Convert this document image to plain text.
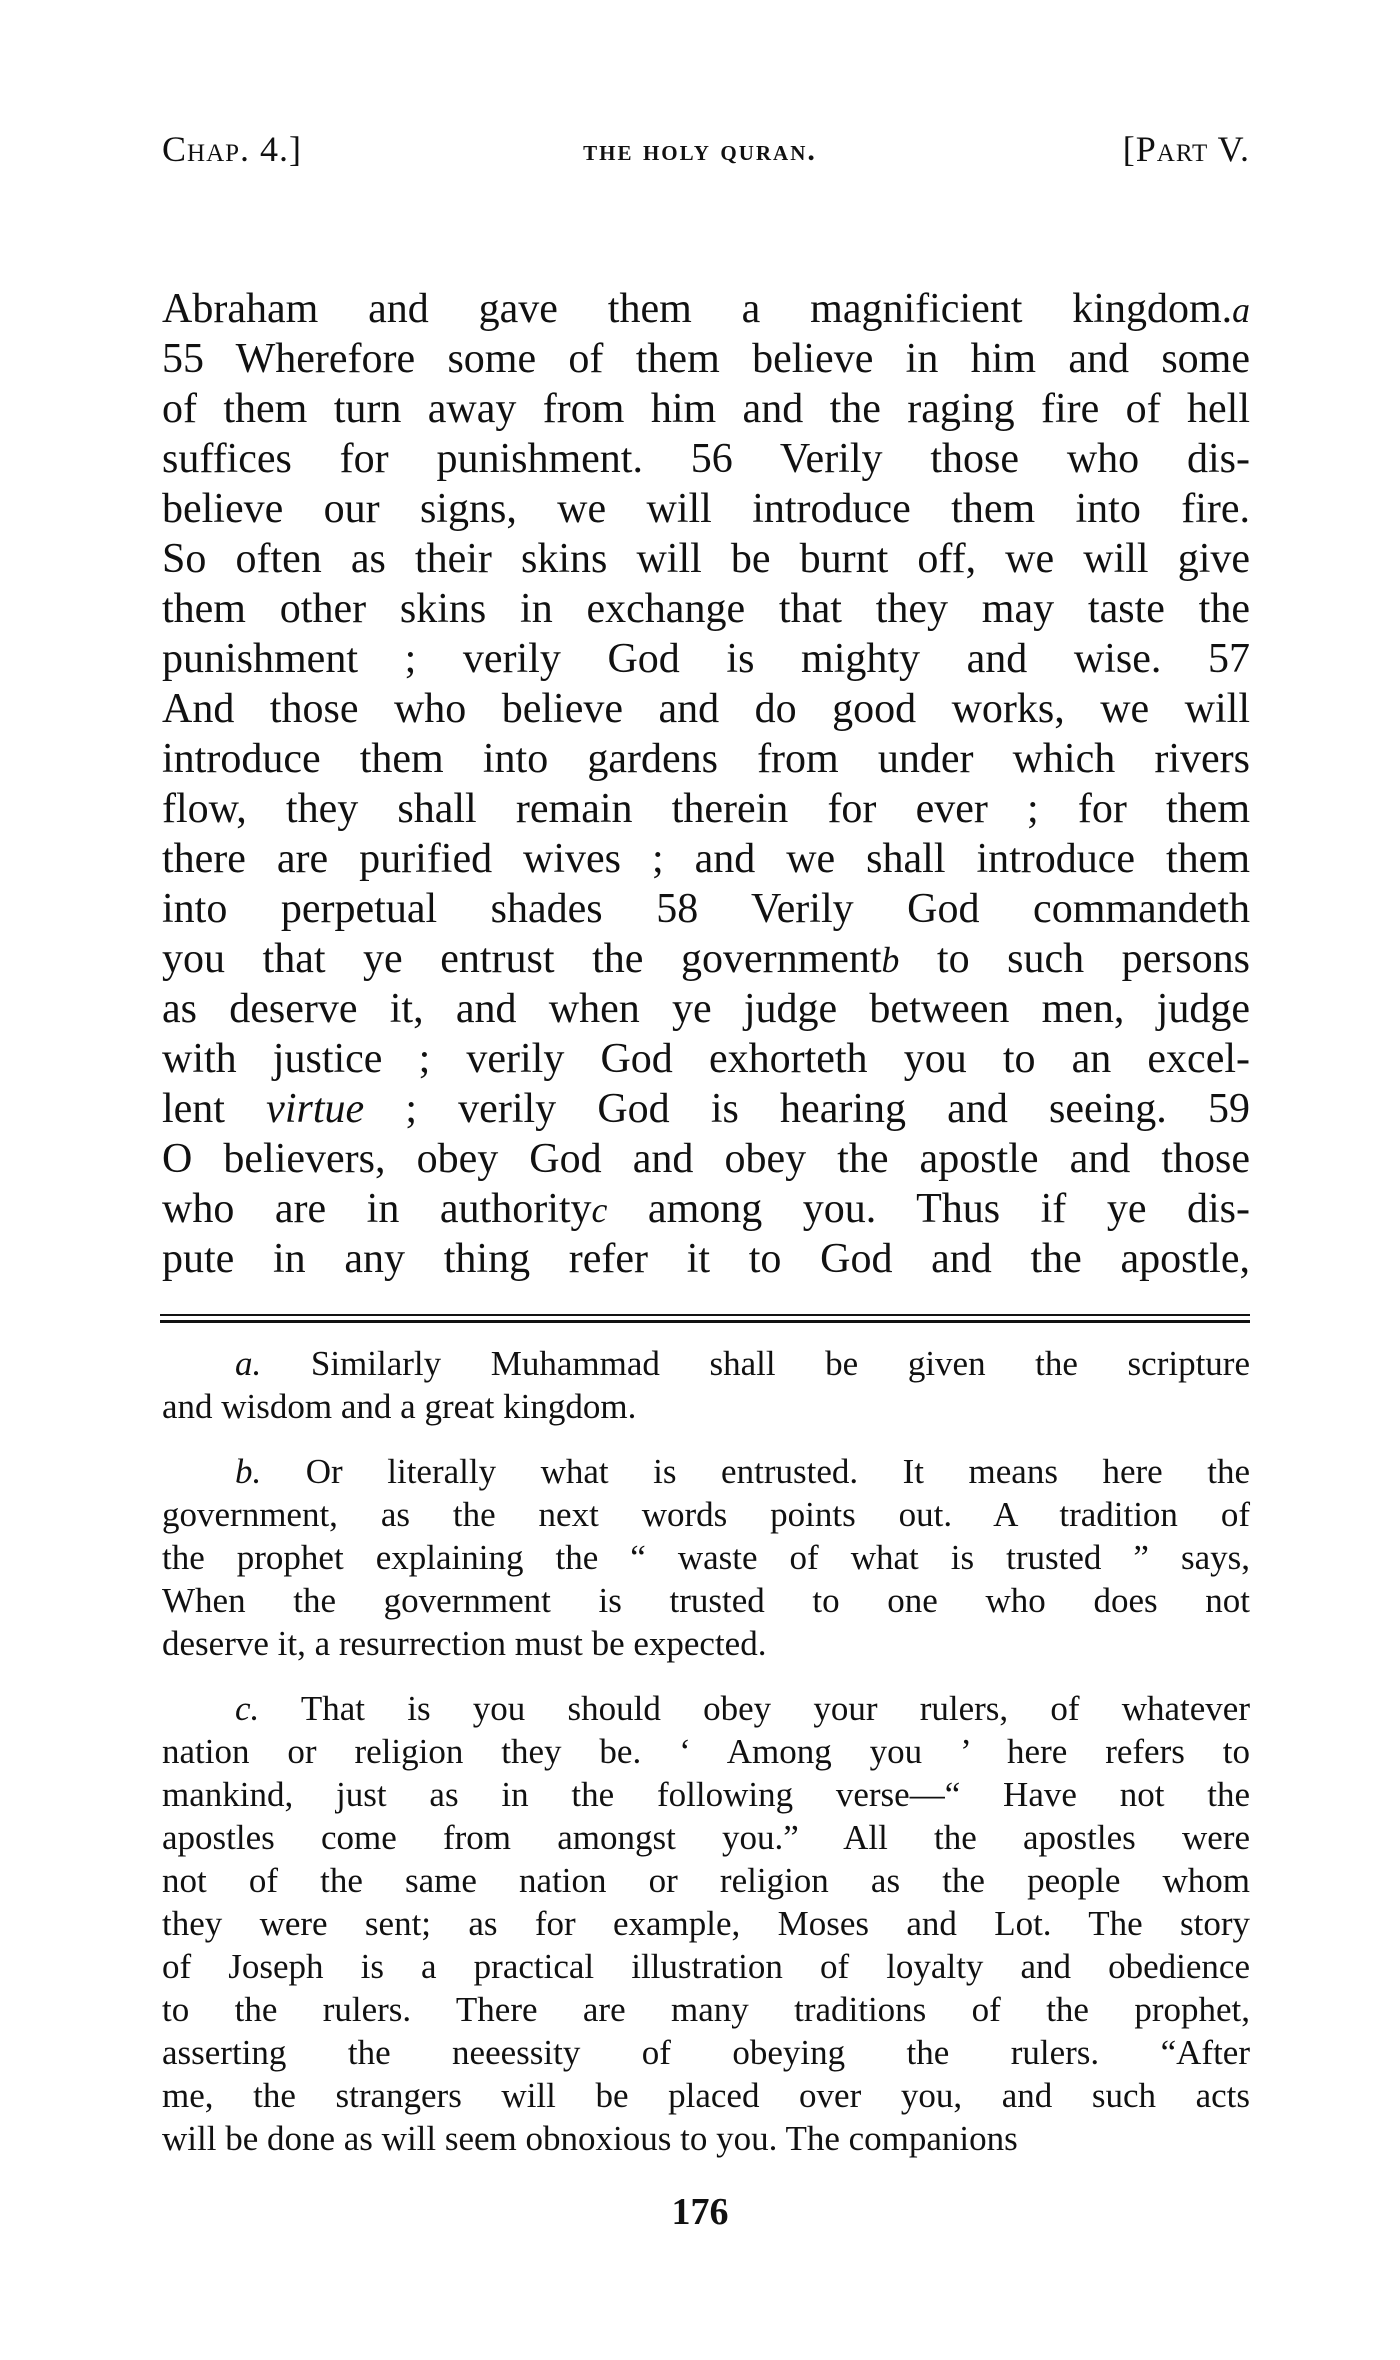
Chap. 4.]	the holy quran.	[Part V.
Abraham and gave them a magnificient kingdom.a
55 Wherefore some of them believe in him and some
of them turn away from him and the raging fire of hell
suffices for punishment. 56 Verily those who dis-
believe our signs, we will introduce them into fire.
So often as their skins will be burnt off, we will give
them other skins in exchange that they may taste the
punishment ; verily God is mighty and wise. 57
And those who believe and do good works, we will
introduce them into gardens from under which rivers
flow, they shall remain therein for ever ; for them
there are purified wives ; and we shall introduce them
into perpetual shades 58 Verily God commandeth
you that ye entrust the governmentb to such persons
as deserve it, and when ye judge between men, judge
with justice ; verily God exhorteth you to an excel-
lent virtue ; verily God is hearing and seeing. 59
O believers, obey God and obey the apostle and those
who are in authorityc among you. Thus if ye dis-
pute in any thing refer it to God and the apostle,
a. Similarly Muhammad shall be given the scripture
and wisdom and a great kingdom.
b. Or literally what is entrusted. It means here the
government, as the next words points out. A tradition of
the prophet explaining the “ waste of what is trusted ” says,
When the government is trusted to one who does not
deserve it, a resurrection must be expected.
c. That is you should obey your rulers, of whatever
nation or religion they be. ‘ Among you ’ here refers to
mankind, just as in the following verse—“ Have not the
apostles come from amongst you.” All the apostles were
not of the same nation or religion as the people whom
they were sent; as for example, Moses and Lot. The story
of Joseph is a practical illustration of loyalty and obedience
to the rulers. There are many traditions of the prophet,
asserting the neeessity of obeying the rulers. “After
me, the strangers will be placed over you, and such acts
will be done as will seem obnoxious to you. The companions
176
